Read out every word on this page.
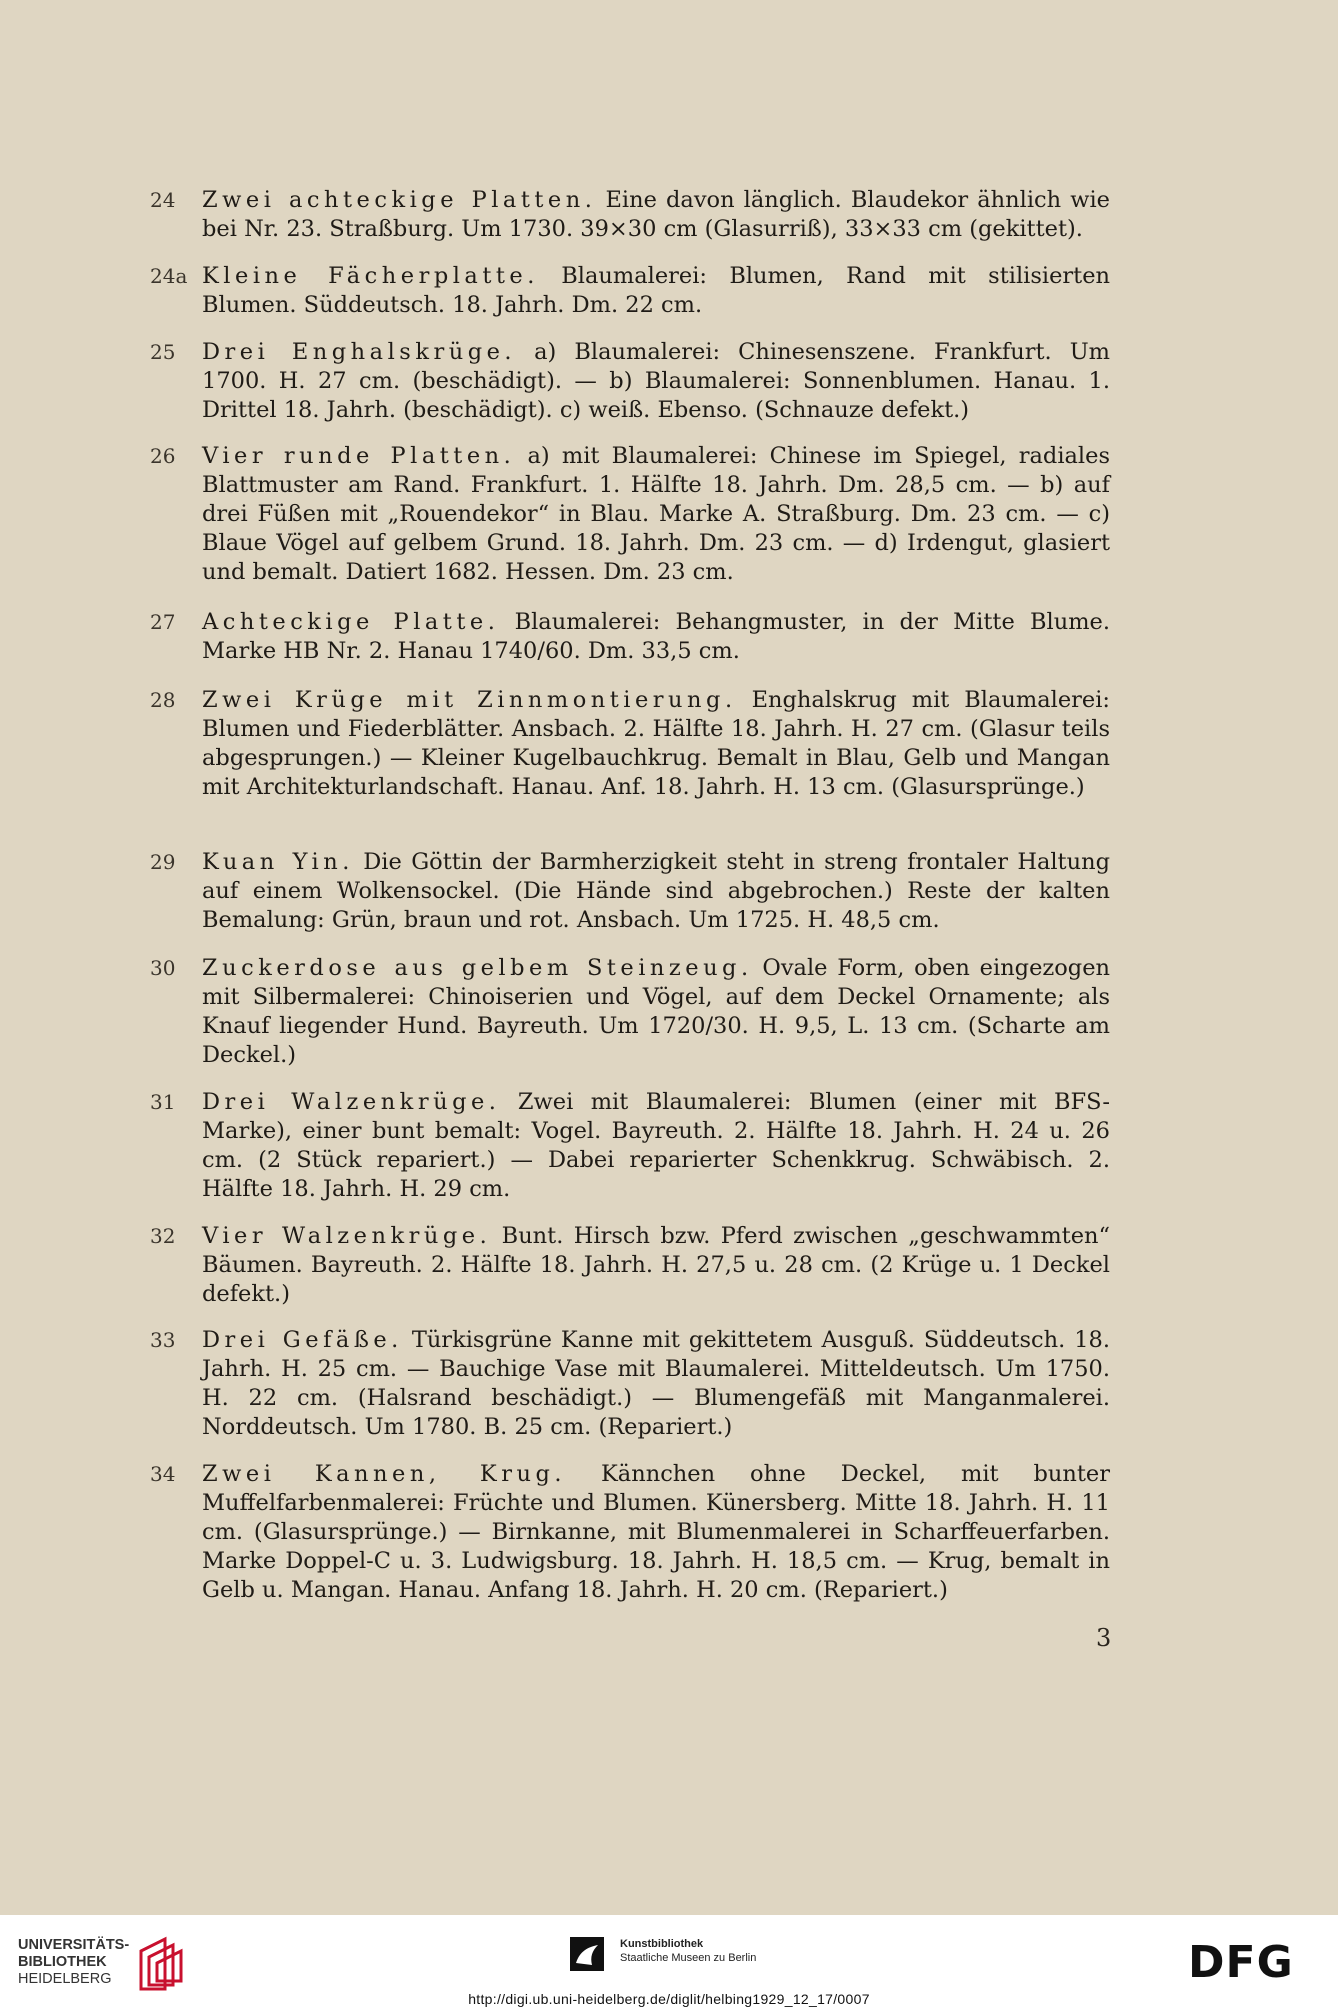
24	Zwei achteckige Platten. Eine davon länglich. Blaudekor ähnlich wie bei Nr. 23. Straßburg. Um 1730. 39×30 cm (Glasurriß), 33×33 cm (gekittet).
24a Kleine Fächerplatte. Blaumalerei: Blumen, Rand mit stilisierten Blumen. Süddeutsch. 18. Jahrh. Dm. 22 cm.
25	Drei Enghalskrüge. a) Blaumalerei: Chinesenszene. Frankfurt. Um 1700. H. 27 cm. (beschädigt). — b) Blaumalerei: Sonnenblumen. Hanau. 1. Drittel 18. Jahrh. (beschädigt). c) weiß. Ebenso. (Schnauze defekt.)
26	Vier runde Platten. a) mit Blaumalerei: Chinese im Spiegel, radiales Blattmuster am Rand. Frankfurt. 1. Hälfte 18. Jahrh. Dm. 28,5 cm. — b) auf drei Füßen mit „Rouendekor“ in Blau. Marke A. Straßburg. Dm. 23 cm. — c) Blaue Vögel auf gelbem Grund. 18. Jahrh. Dm. 23 cm. — d) Irdengut, glasiert und bemalt. Datiert 1682. Hessen. Dm. 23 cm.
27	Achteckige Platte. Blaumalerei: Behangmuster, in der Mitte Blume. Marke HB Nr. 2. Hanau 1740/60. Dm. 33,5 cm.
28	Zwei Krüge mit Zinnmontierung. Enghalskrug mit Blaumalerei: Blumen und Fiederblätter. Ansbach. 2. Hälfte 18. Jahrh. H. 27 cm. (Glasur teils abgesprungen.) — Kleiner Kugelbauchkrug. Bemalt in Blau, Gelb und Mangan mit Architekturlandschaft. Hanau. Anf. 18. Jahrh. H. 13 cm. (Glasursprünge.)
29	Kuan Yin. Die Göttin der Barmherzigkeit steht in streng frontaler Haltung auf einem Wolkensockel. (Die Hände sind abgebrochen.) Reste der kalten Bemalung: Grün, braun und rot. Ansbach. Um 1725. H. 48,5 cm.
30	Zuckerdose aus gelbem Steinzeug. Ovale Form, oben eingezogen mit Silbermalerei: Chinoiserien und Vögel, auf dem Deckel Ornamente; als Knauf liegender Hund. Bayreuth. Um 1720/30. H. 9,5, L. 13 cm. (Scharte am Deckel.)
31	Drei Walzenkrüge. Zwei mit Blaumalerei: Blumen (einer mit BFS-Marke), einer bunt bemalt: Vogel. Bayreuth. 2. Hälfte 18. Jahrh. H. 24 u. 26 cm. (2 Stück repariert.) — Dabei reparierter Schenkkrug. Schwäbisch. 2. Hälfte 18. Jahrh. H. 29 cm.
32	Vier Walzenkrüge. Bunt. Hirsch bzw. Pferd zwischen „geschwammten“ Bäumen. Bayreuth. 2. Hälfte 18. Jahrh. H. 27,5 u. 28 cm. (2 Krüge u. 1 Deckel defekt.)
33	Drei Gefäße. Türkisgrüne Kanne mit gekittetem Ausguß. Süddeutsch. 18. Jahrh. H. 25 cm. — Bauchige Vase mit Blaumalerei. Mitteldeutsch. Um 1750. H. 22 cm. (Halsrand beschädigt.) — Blumengefäß mit Manganmalerei. Norddeutsch. Um 1780. B. 25 cm. (Repariert.)
34	Zwei Kannen, Krug. Kännchen ohne Deckel, mit bunter Muffelfarbenmalerei: Früchte und Blumen. Künersberg. Mitte 18. Jahrh. H. 11 cm. (Glasursprünge.) — Birnkanne, mit Blumenmalerei in Scharffeuerfarben. Marke Doppel-C u. 3. Ludwigsburg. 18. Jahrh. H. 18,5 cm. — Krug, bemalt in Gelb u. Mangan. Hanau. Anfang 18. Jahrh. H. 20 cm. (Repariert.)
3
UNIVERSITÄTS-
BIBLIOTHEK
HEIDELBERG
Kunstbibliothek
Staatliche Museen zu Berlin	DFG
http://digi.ub.uni-heidelberg.de/diglit/helbing1929_12_17/0007
